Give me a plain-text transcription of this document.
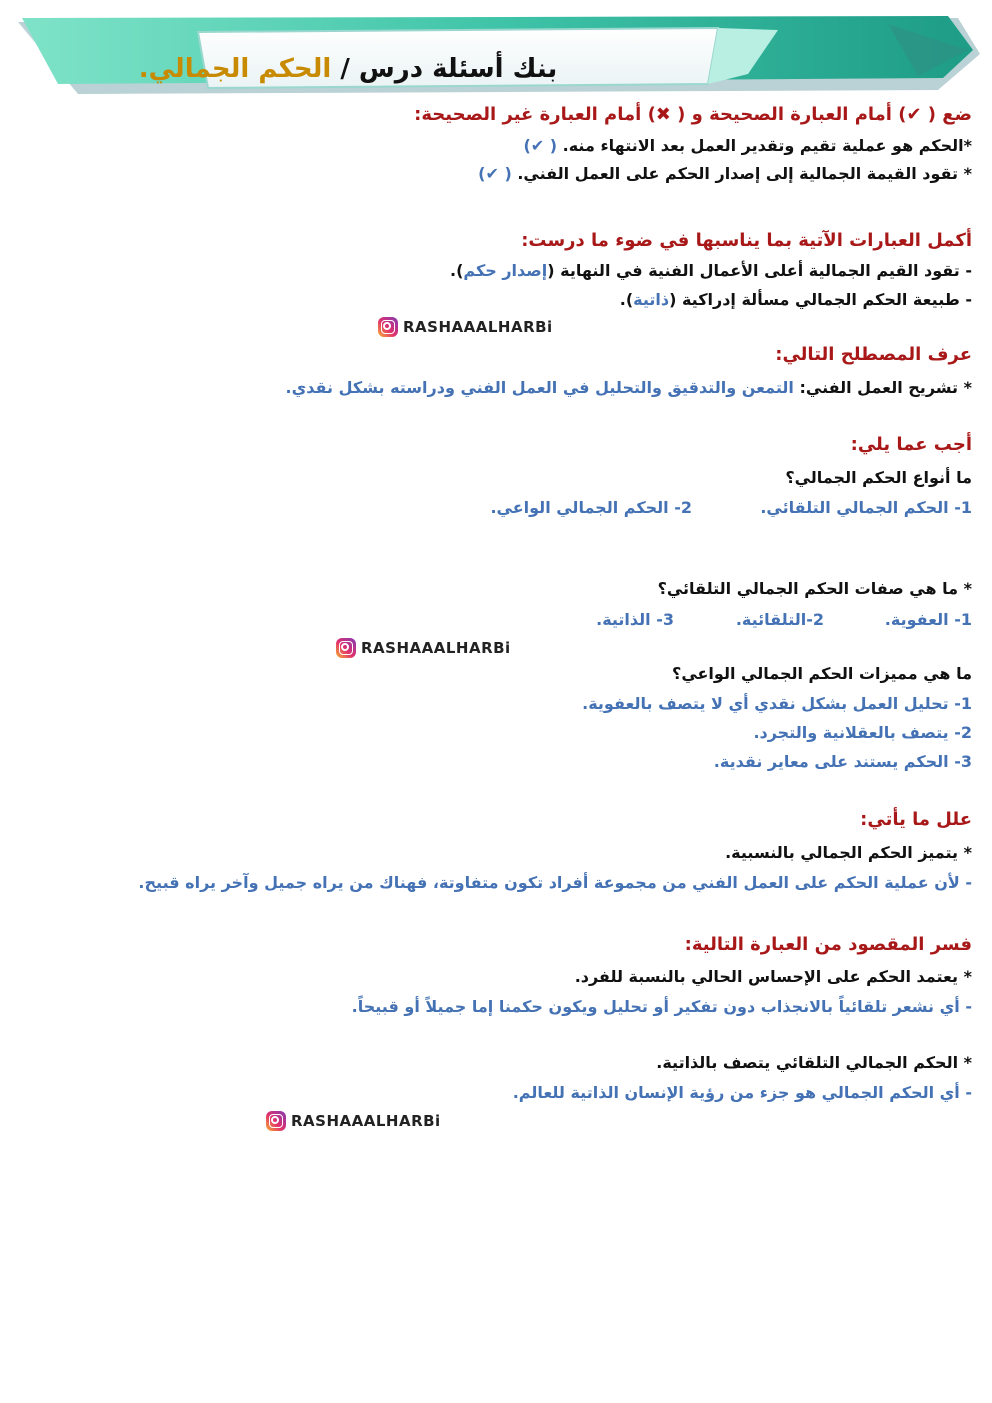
بنك أسئلة درس / الحكم الجمالي.
ضع ( ✔) أمام العبارة الصحيحة و ( ✖) أمام العبارة غير الصحيحة:
*الحكم هو عملية تقيم وتقدير العمل بعد الانتهاء منه. ( ✔)
* تقود القيمة الجمالية إلى إصدار الحكم على العمل الفني. ( ✔)
أكمل العبارات الآتية بما يناسبها في ضوء ما درست:
- تقود القيم الجمالية أعلى الأعمال الفنية في النهاية (إصدار حكم).
- طبيعة الحكم الجمالي مسألة إدراكية (ذاتية).
RASHAAALHARBi
عرف المصطلح التالي:
* تشريح العمل الفني: التمعن والتدقيق والتحليل في العمل الفني ودراسته بشكل نقدي.
أجب عما يلي:
ما أنواع الحكم الجمالي؟
1- الحكم الجمالي التلقائي.
2- الحكم الجمالي الواعي.
* ما هي صفات الحكم الجمالي التلقائي؟
1- العفوية.
2-التلقائية.
3- الذاتية.
RASHAAALHARBi
ما هي مميزات الحكم الجمالي الواعي؟
1- تحليل العمل بشكل نقدي أي لا يتصف بالعفوية.
2- يتصف بالعقلانية والتجرد.
3- الحكم يستند على معاير نقدية.
علل ما يأتي:
* يتميز الحكم الجمالي بالنسبية.
- لأن عملية الحكم على العمل الفني من مجموعة أفراد تكون متفاوتة، فهناك من يراه جميل وآخر يراه قبيح.
فسر المقصود من العبارة التالية:
* يعتمد الحكم على الإحساس الحالي بالنسبة للفرد.
- أي نشعر تلقائياً بالانجذاب دون تفكير أو تحليل ويكون حكمنا إما جميلاً أو قبيحاً.
* الحكم الجمالي التلقائي يتصف بالذاتية.
- أي الحكم الجمالي هو جزء من رؤية الإنسان الذاتية للعالم.
RASHAAALHARBi
